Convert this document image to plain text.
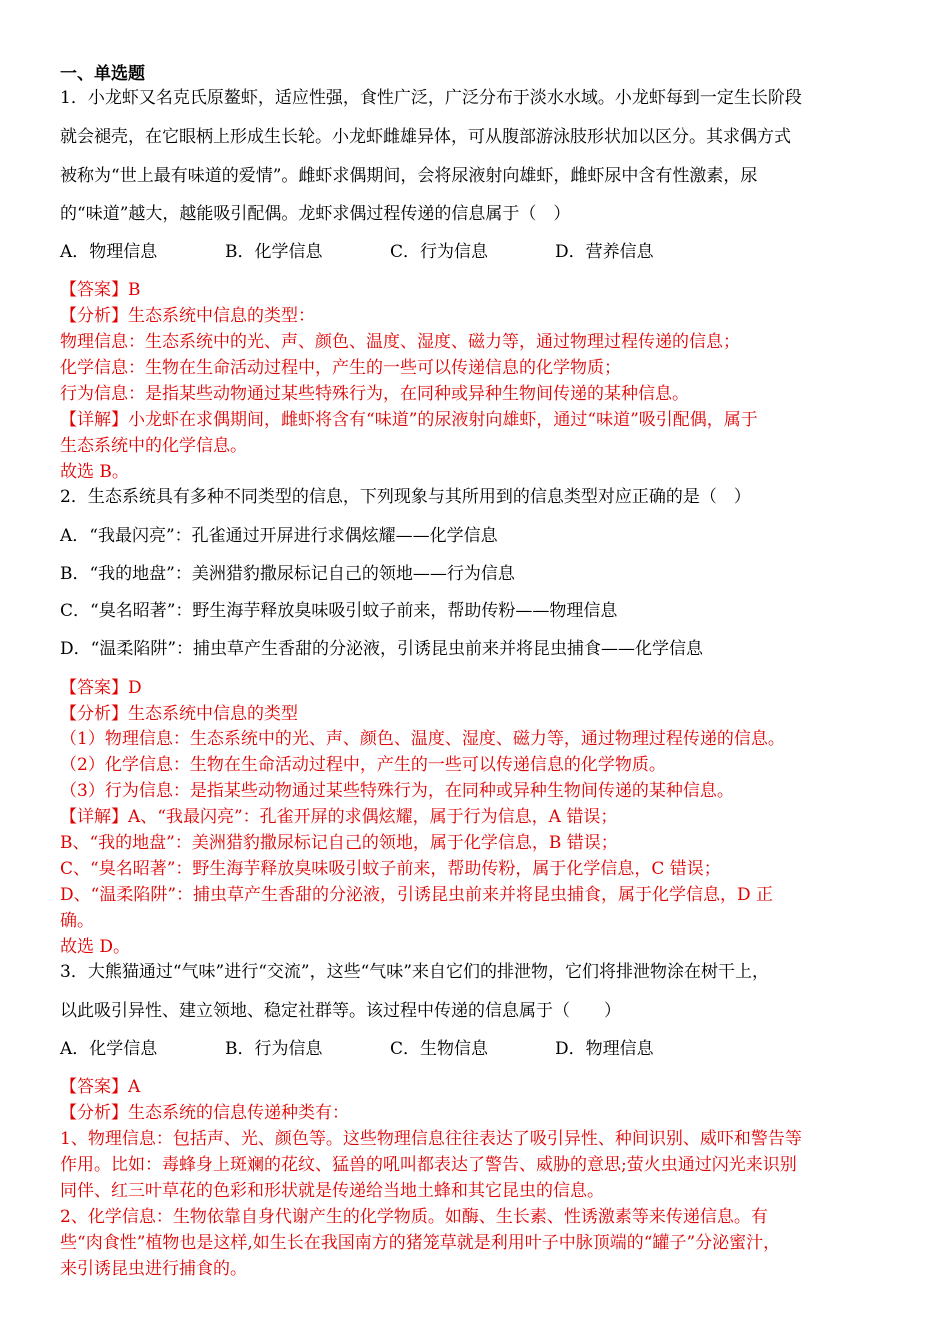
一、单选题
1．小龙虾又名克氏原鳌虾，适应性强，食性广泛，广泛分布于淡水水域。小龙虾每到一定生长阶段
就会褪壳，在它眼柄上形成生长轮。小龙虾雌雄异体，可从腹部游泳肢形状加以区分。其求偶方式
被称为“世上最有味道的爱情”。雌虾求偶期间，会将尿液射向雄虾，雌虾尿中含有性激素，尿
的“味道”越大，越能吸引配偶。龙虾求偶过程传递的信息属于（　）
A．物理信息	B．化学信息	C．行为信息	D．营养信息
【答案】B
【分析】生态系统中信息的类型：
物理信息：生态系统中的光、声、颜色、温度、湿度、磁力等，通过物理过程传递的信息；
化学信息：生物在生命活动过程中，产生的一些可以传递信息的化学物质；
行为信息：是指某些动物通过某些特殊行为，在同种或异种生物间传递的某种信息。
【详解】小龙虾在求偶期间，雌虾将含有“味道”的尿液射向雄虾，通过“味道”吸引配偶，属于
生态系统中的化学信息。
故选 B。
2．生态系统具有多种不同类型的信息，下列现象与其所用到的信息类型对应正确的是（　）
A．“我最闪亮”：孔雀通过开屏进行求偶炫耀——化学信息
B．“我的地盘”：美洲猎豹撒尿标记自己的领地——行为信息
C．“臭名昭著”：野生海芋释放臭味吸引蚊子前来，帮助传粉——物理信息
D．“温柔陷阱”：捕虫草产生香甜的分泌液，引诱昆虫前来并将昆虫捕食——化学信息
【答案】D
【分析】生态系统中信息的类型
（1）物理信息：生态系统中的光、声、颜色、温度、湿度、磁力等，通过物理过程传递的信息。
（2）化学信息：生物在生命活动过程中，产生的一些可以传递信息的化学物质。
（3）行为信息：是指某些动物通过某些特殊行为，在同种或异种生物间传递的某种信息。
【详解】A、“我最闪亮”：孔雀开屏的求偶炫耀，属于行为信息，A 错误；
B、“我的地盘”：美洲猎豹撒尿标记自己的领地，属于化学信息，B 错误；
C、“臭名昭著”：野生海芋释放臭味吸引蚊子前来，帮助传粉，属于化学信息，C 错误；
D、“温柔陷阱”：捕虫草产生香甜的分泌液，引诱昆虫前来并将昆虫捕食，属于化学信息，D 正
确。
故选 D。
3．大熊猫通过“气味”进行“交流”，这些“气味”来自它们的排泄物，它们将排泄物涂在树干上，
以此吸引异性、建立领地、稳定社群等。该过程中传递的信息属于（　　）
A．化学信息	B．行为信息	C．生物信息	D．物理信息
【答案】A
【分析】生态系统的信息传递种类有：
1、物理信息：包括声、光、颜色等。这些物理信息往往表达了吸引异性、种间识别、威吓和警告等
作用。比如：毒蜂身上斑斓的花纹、猛兽的吼叫都表达了警告、威胁的意思;萤火虫通过闪光来识别
同伴、红三叶草花的色彩和形状就是传递给当地土蜂和其它昆虫的信息。
2、化学信息：生物依靠自身代谢产生的化学物质。如酶、生长素、性诱激素等来传递信息。有
些“肉食性”植物也是这样,如生长在我国南方的猪笼草就是利用叶子中脉顶端的“罐子”分泌蜜汁，
来引诱昆虫进行捕食的。
